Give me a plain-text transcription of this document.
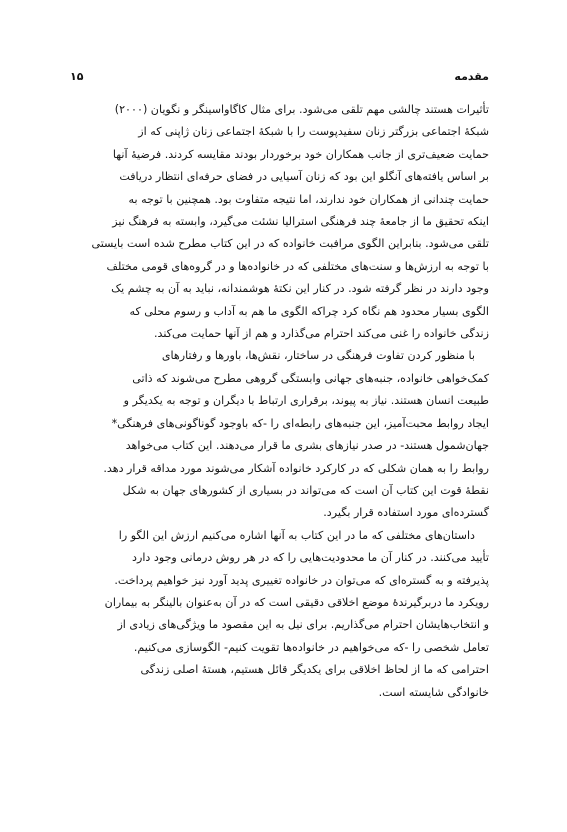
مقدمه
۱۵

تأثیرات هستند چالشی مهم تلقی می‌شود. برای مثال کاگاواسینگر و نگویان (۲۰۰۰)

شبکهٔ اجتماعی بزرگتر زنان سفیدپوست را با شبکهٔ اجتماعی زنان ژاپنی که از

حمایت ضعیف‌تری از جانب همکاران خود برخوردار بودند مقایسه کردند. فرضیهٔ آنها

بر اساس یافته‌های آنگلو این بود که زنان آسیایی در فضای حرفه‌ای انتظار دریافت

حمایت چندانی از همکاران خود ندارند، اما نتیجه متفاوت بود. همچنین با توجه به

اینکه تحقیق ما از جامعهٔ چند فرهنگی استرالیا نشئت می‌گیرد، وابسته به فرهنگ نیز

تلقی می‌شود. بنابراین الگوی مرافبت خانواده که در این کتاب مطرح شده است بایستی

با توجه به ارزش‌ها و سنت‌های مختلفی که در خانواده‌ها و در گروه‌های قومی مختلف

وجود دارند در نظر گرفته شود. در کنار این نکتهٔ هوشمندانه، نباید به آن به چشم یک

الگوی بسیار محدود هم نگاه کرد چراکه الگوی ما هم به آداب و رسوم محلی که

زندگی خانواده را غنی می‌کند احترام می‌گذارد و هم از آنها حمایت می‌کند.

با منظور کردن تفاوت فرهنگی در ساختار، نقش‌ها، باورها و رفتارهای

کمک‌خواهی خانواده، جنبه‌های جهانی وابستگی گروهی مطرح می‌شوند که ذاتی

طبیعت انسان هستند. نیاز به پیوند، برقراری ارتباط با دیگران و توجه به یکدیگر و

ایجاد روابط محبت‌آمیز، این جنبه‌های رابطه‌ای را -که باوجود گوناگونی‌های فرهنگی*

جهان‌شمول هستند- در صدر نیازهای بشری ما قرار می‌دهند. این کتاب می‌خواهد

روابط را به همان شکلی که در کارکرد خانواده آشکار می‌شوند مورد مداقه قرار دهد.

نقطهٔ قوت این کتاب آن است که می‌تواند در بسیاری از کشورهای جهان به شکل

گسترده‌ای مورد استفاده قرار بگیرد.

داستان‌های مختلفی که ما در این کتاب به آنها اشاره می‌کنیم ارزش این الگو را

تأیید می‌کنند. در کنار آن ما محدودیت‌هایی را که در هر روش درمانی وجود دارد

پذیرفته و به گستره‌ای که می‌توان در خانواده تغییری پدید آورد نیز خواهیم پرداخت.

رویکرد ما دربرگیرندهٔ موضع اخلاقی دقیقی است که در آن به‌عنوان بالینگر به بیماران

و انتخاب‌هایشان احترام می‌گذاریم. برای نیل به این مقصود ما ویژگی‌های زیادی از

تعامل شخصی را -که می‌خواهیم در خانواده‌ها تقویت کنیم- الگوسازی می‌کنیم.

احترامی که ما از لحاظ اخلاقی برای یکدیگر قائل هستیم، هستهٔ اصلی زندگی

خانوادگی شایسته است.
